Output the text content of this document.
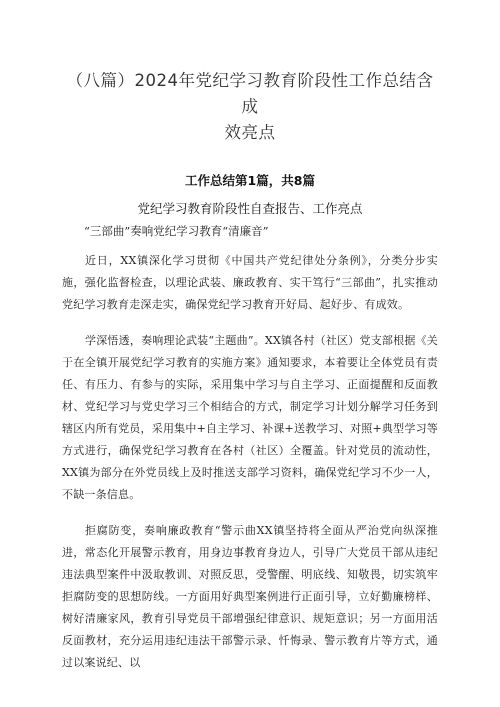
（八篇）2024年党纪学习教育阶段性工作总结含成
效亮点
工作总结第1篇，共8篇
党纪学习教育阶段性自查报告、工作亮点
“三部曲”奏响党纪学习教育“清廉音”

近日，XX镇深化学习贯彻《中国共产党纪律处分条例》，分类分步实施，强化监督检查，以理论武装、廉政教育、实干笃行“三部曲”，扎实推动党纪学习教育走深走实，确保党纪学习教育开好局、起好步、有成效。

学深悟透，奏响理论武装“主题曲”。XX镇各村（社区）党支部根据《关于在全镇开展党纪学习教育的实施方案》通知要求，本着要让全体党员有责任、有压力、有参与的实际，采用集中学习与自主学习、正面提醒和反面教材、党纪学习与党史学习三个相结合的方式，制定学习计划分解学习任务到辖区内所有党员，采用集中+自主学习、补课+送教学习、对照+典型学习等方式进行，确保党纪学习教育在各村（社区）全覆盖。针对党员的流动性，XX镇为部分在外党员线上及时推送支部学习资料，确保党纪学习不少一人，不缺一条信息。

拒腐防变，奏响廉政教育“警示曲XX镇坚持将全面从严治党向纵深推进，常态化开展警示教育，用身边事教育身边人，引导广大党员干部从违纪违法典型案件中汲取教训、对照反思，受警醒、明底线、知敬畏，切实筑牢拒腐防变的思想防线。一方面用好典型案例进行正面引导，立好勤廉榜样、树好清廉家风，教育引导党员干部增强纪律意识、规矩意识；另一方面用活反面教材，充分运用违纪违法干部警示录、忏悔录、警示教育片等方式，通过以案说纪、以
